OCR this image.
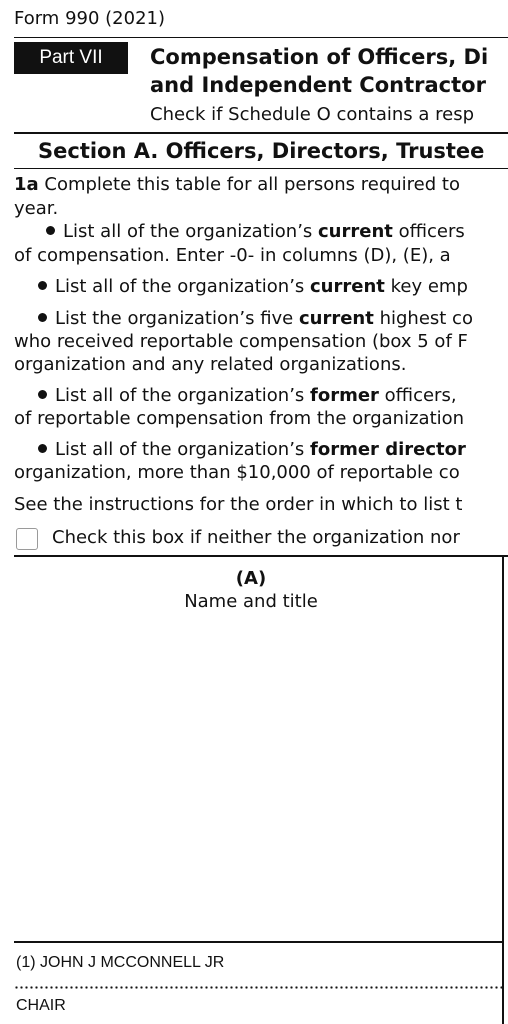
Form 990 (2021)
Part VII	Compensation of Officers, Di
and Independent Contractor
Check if Schedule O contains a resp
Section A. Officers, Directors, Trustee
1a Complete this table for all persons required to
year.
List all of the organization’s current officers
of compensation. Enter -0- in columns (D), (E), a
List all of the organization’s current key emp
List the organization’s five current highest co
who received reportable compensation (box 5 of F
organization and any related organizations.
List all of the organization’s former officers,
of reportable compensation from the organization
List all of the organization’s former director
organization, more than $10,000 of reportable co
See the instructions for the order in which to list t
Check this box if neither the organization nor
(A)
Name and title
(1) JOHN J MCCONNELL JR
CHAIR
